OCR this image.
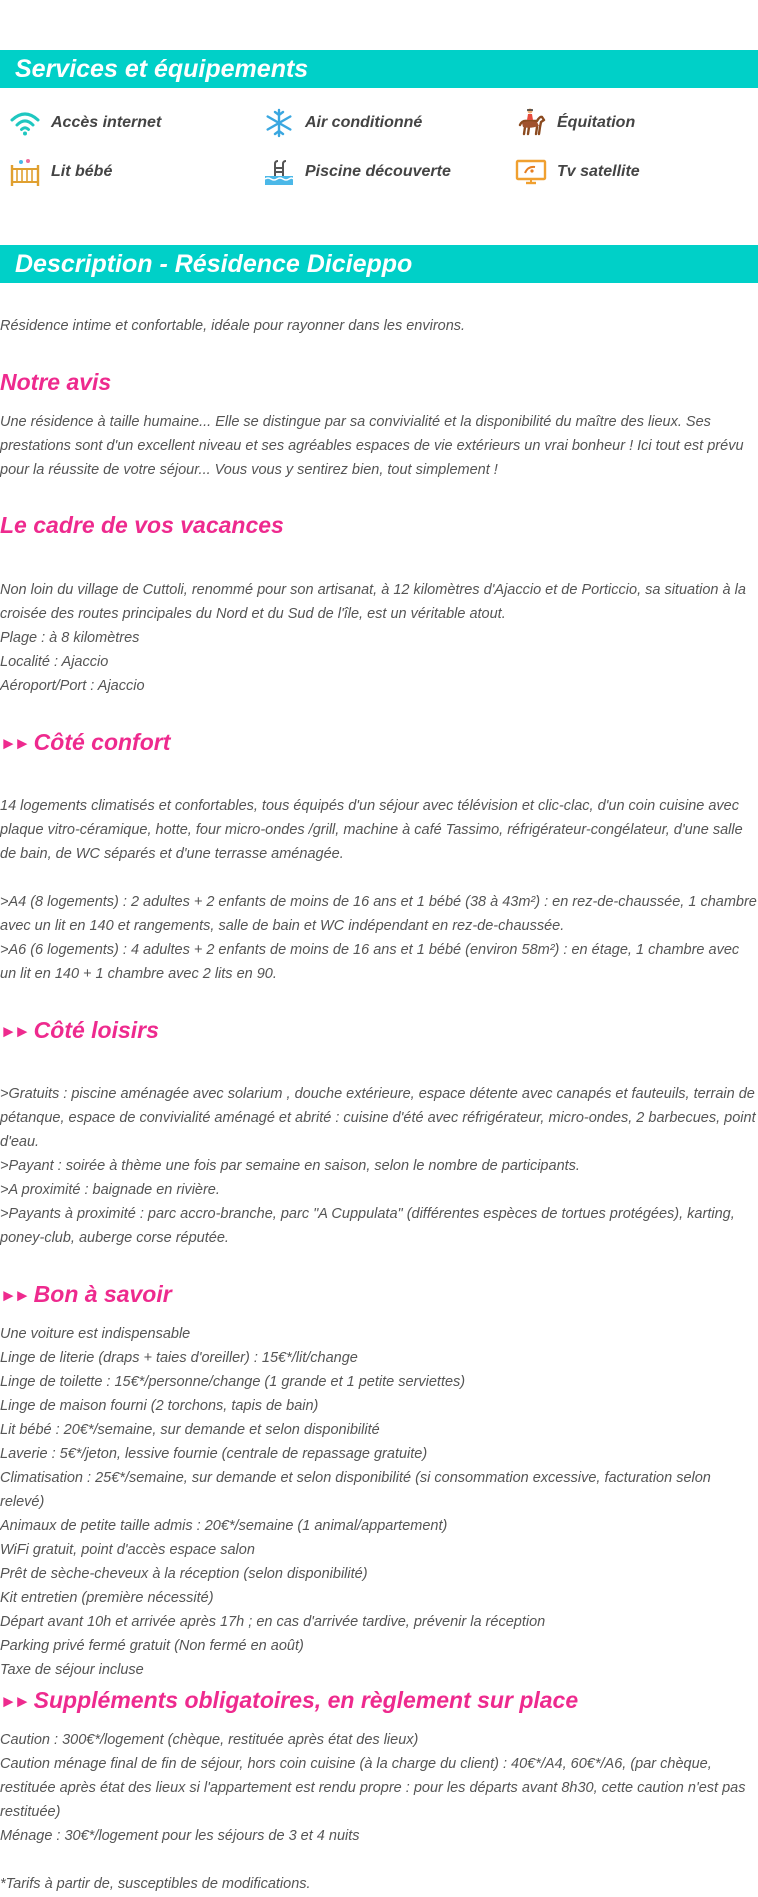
Services et équipements
Accès internet	Air conditionné	Équitation
Lit bébé	Piscine découverte	Tv satellite
Description - Résidence Dicieppo

Résidence intime et confortable, idéale pour rayonner dans les environs.

Notre avis

Une résidence à taille humaine... Elle se distingue par sa convivialité et la disponibilité du maître des lieux. Ses prestations sont d'un excellent niveau et ses agréables espaces de vie extérieurs un vrai bonheur ! Ici tout est prévu pour la réussite de votre séjour... Vous vous y sentirez bien, tout simplement !

Le cadre de vos vacances

Non loin du village de Cuttoli, renommé pour son artisanat, à 12 kilomètres d'Ajaccio et de Porticcio, sa situation à la croisée des routes principales du Nord et du Sud de l'île, est un véritable atout.

Plage : à 8 kilomètres

Localité : Ajaccio

Aéroport/Port : Ajaccio

►► Côté confort

14 logements climatisés et confortables, tous équipés d'un séjour avec télévision et clic-clac, d'un coin cuisine avec plaque vitro-céramique, hotte, four micro-ondes /grill, machine à café Tassimo, réfrigérateur-congélateur, d'une salle de bain, de WC séparés et d'une terrasse aménagée.

>A4 (8 logements) : 2 adultes + 2 enfants de moins de 16 ans et 1 bébé (38 à 43m²) : en rez-de-chaussée, 1 chambre avec un lit en 140 et rangements, salle de bain et WC indépendant en rez-de-chaussée.

>A6 (6 logements) : 4 adultes + 2 enfants de moins de 16 ans et 1 bébé (environ 58m²) : en étage, 1 chambre avec un lit en 140 + 1 chambre avec 2 lits en 90.

►► Côté loisirs

>Gratuits : piscine aménagée avec solarium , douche extérieure, espace détente avec canapés et fauteuils, terrain de pétanque, espace de convivialité aménagé et abrité : cuisine d'été avec réfrigérateur, micro-ondes, 2 barbecues, point d'eau.

>Payant : soirée à thème une fois par semaine en saison, selon le nombre de participants.

>A proximité : baignade en rivière.

>Payants à proximité : parc accro-branche, parc "A Cuppulata" (différentes espèces de tortues protégées), karting, poney-club, auberge corse réputée.

►► Bon à savoir

Une voiture est indispensable

Linge de literie (draps + taies d'oreiller) : 15€*/lit/change

Linge de toilette : 15€*/personne/change (1 grande et 1 petite serviettes)

Linge de maison fourni (2 torchons, tapis de bain)

Lit bébé : 20€*/semaine, sur demande et selon disponibilité

Laverie : 5€*/jeton, lessive fournie (centrale de repassage gratuite)

Climatisation : 25€*/semaine, sur demande et selon disponibilité (si consommation excessive, facturation selon relevé)

Animaux de petite taille admis : 20€*/semaine (1 animal/appartement)

WiFi gratuit, point d'accès espace salon

Prêt de sèche-cheveux à la réception (selon disponibilité)

Kit entretien (première nécessité)

Départ avant 10h et arrivée après 17h ; en cas d'arrivée tardive, prévenir la réception

Parking privé fermé gratuit (Non fermé en août)

Taxe de séjour incluse

►► Suppléments obligatoires, en règlement sur place

Caution : 300€*/logement (chèque, restituée après état des lieux)

Caution ménage final de fin de séjour, hors coin cuisine (à la charge du client) : 40€*/A4, 60€*/A6, (par chèque, restituée après état des lieux si l'appartement est rendu propre : pour les départs avant 8h30, cette caution n'est pas restituée)

Ménage : 30€*/logement pour les séjours de 3 et 4 nuits

*Tarifs à partir de, susceptibles de modifications.
